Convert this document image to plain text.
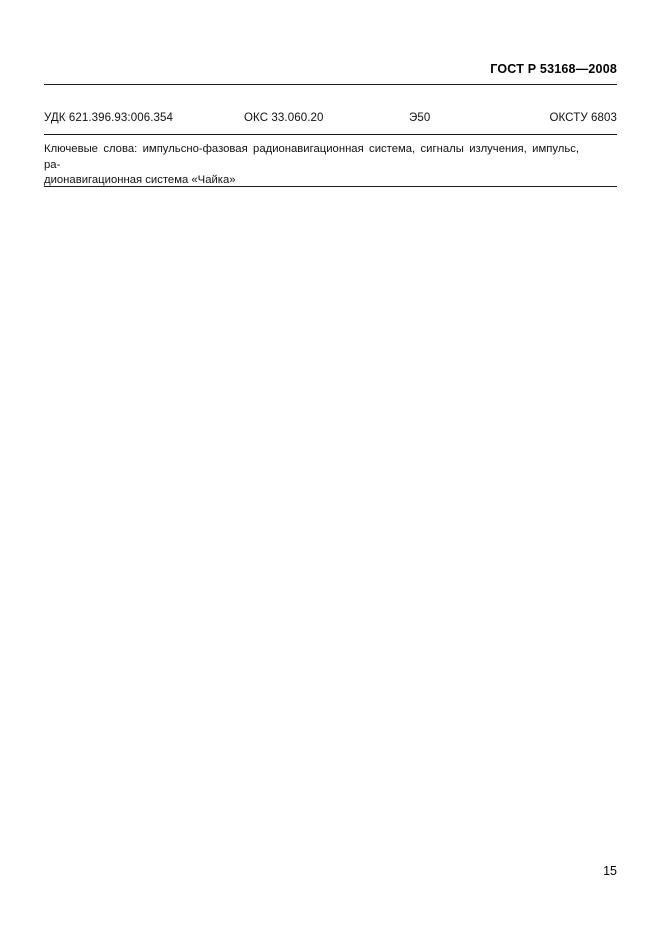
ГОСТ Р 53168—2008
УДК 621.396.93:006.354	ОКС 33.060.20	Э50	ОКСТУ 6803
Ключевые слова: импульсно-фазовая радионавигационная система, сигналы излучения, импульс, ра-
дионавигационная система «Чайка»
15
